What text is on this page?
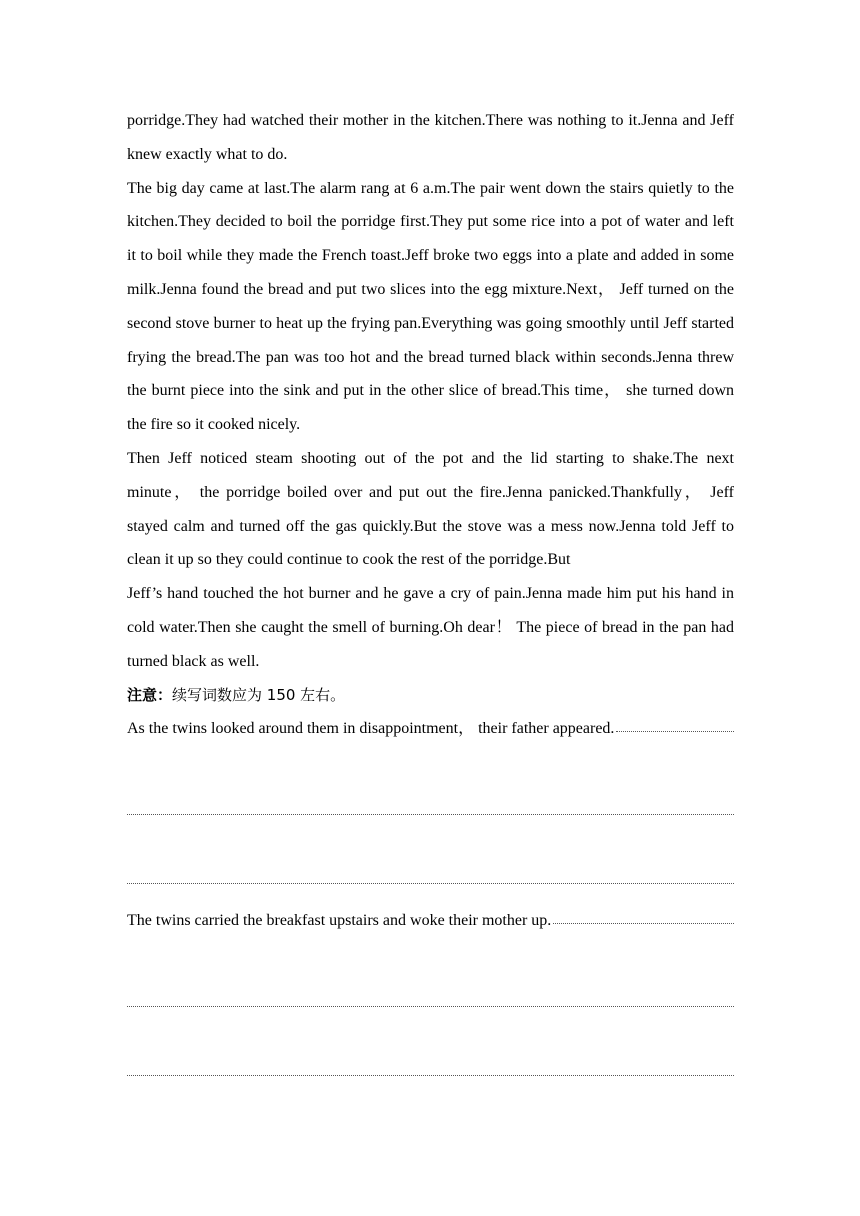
porridge.They had watched their mother in the kitchen.There was nothing to it.Jenna and Jeff knew exactly what to do.

The big day came at last.The alarm rang at 6 a.m.The pair went down the stairs quietly to the kitchen.They decided to boil the porridge first.They put some rice into a pot of water and left it to boil while they made the French toast.Jeff broke two eggs into a plate and added in some milk.Jenna found the bread and put two slices into the egg mixture.Next， Jeff turned on the second stove burner to heat up the frying pan.Everything was going smoothly until Jeff started frying the bread.The pan was too hot and the bread turned black within seconds.Jenna threw the burnt piece into the sink and put in the other slice of bread.This time， she turned down the fire so it cooked nicely.

Then Jeff noticed steam shooting out of the pot and the lid starting to shake.The next minute， the porridge boiled over and put out the fire.Jenna panicked.Thankfully， Jeff stayed calm and turned off the gas quickly.But the stove was a mess now.Jenna told Jeff to clean it up so they could continue to cook the rest of the porridge.But

Jeff’s hand touched the hot burner and he gave a cry of pain.Jenna made him put his hand in cold water.Then she caught the smell of burning.Oh dear！ The piece of bread in the pan had turned black as well.

注意：续写词数应为 150 左右。

As the twins looked around them in disappointment， their father appeared.
The twins carried the breakfast upstairs and woke their mother up.
